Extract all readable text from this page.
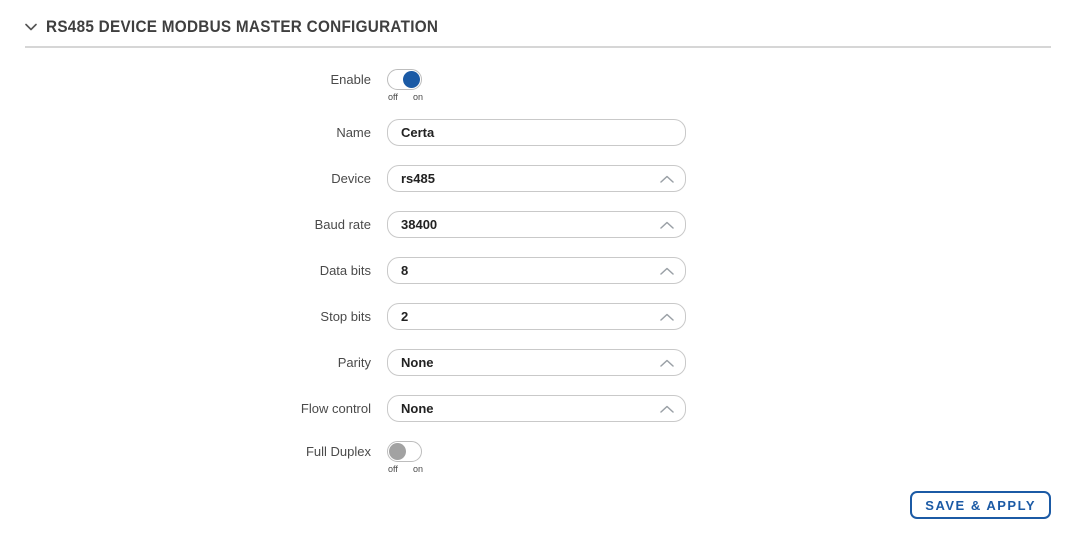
RS485 DEVICE MODBUS MASTER CONFIGURATION
Enable
off on
Name
Certa
Device rs485
Baud rate 38400
Data bits 8
Stop bits 2
Parity None
Flow control None
Full Duplex
off on
SAVE & APPLY
